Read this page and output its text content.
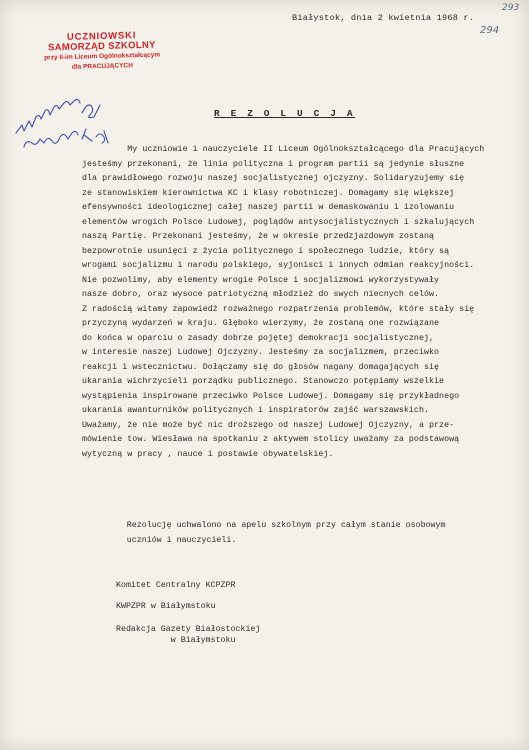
293
294
Białystok, dnia 2 kwietnia 1968 r.
UCZNIOWSKI
SAMORZĄD SZKOLNY
przy II-im Liceum Ogólnokształcącym
dla PRACUJĄCYCH
R E Z O L U C J A
My uczniowie i nauczyciele II Liceum Ogólnokształcącego dla Pracujących
jesteśmy przekonani, że linia polityczna i program partii są jedynie słuszne
dla prawidłowego rozwoju naszej socjalistycznej ojczyzny. Solidaryzujemy się
ze stanowiskiem kierownictwa KC i klasy robotniczej. Domagamy się większej
efensywności ideologicznej całej naszej partii w demaskowaniu i izolowaniu
elementów wrogich Polsce Ludowej, poglądów antysocjalistycznych i szkalujących
naszą Partię. Przekonani jesteśmy, że w okresie przedzjazdowym zostaną
bezpowrotnie usunięci z życia politycznego i społecznego ludzie, który są
wrogami socjalizmu i narodu polskiego, syjonisci i innych odmian reakcyjności.
Nie pozwolimy, aby elementy wrogie Polsce i socjalizmowi wykorzystywały
nasze dobro, oraz wysoce patriotyczną młodzież do swych niecnych celów.
Z radością witamy zapowiedź rozważnego rozpatrzenia problemów, które stały się
przyczyną wydarzeń w kraju. Głęboko wierzymy, że zostaną one rozwiązane
do końca w oparciu o zasady dobrze pojętej demokracji socjalistycznej,
w interesie naszej Ludowej Ojczyzny. Jesteśmy za socjalizmem, przeciwko
reakcji i wstecznictwu. Dołączamy się do głosów nagany domagających się
ukarania wichrzycieli porządku publicznego. Stanowczo potępiamy wszelkie
wystąpienia inspirowane przeciwko Polsce Ludowej. Domagamy się przykładnego
ukarania awanturników politycznych i inspiratorów zajść warszawskich.
Uważamy, że nie może być nic droższego od naszej Ludowej Ojczyzny, a prze-
mówienie tow. Wiesława na spotkaniu z aktywem stolicy uważamy za podstawową
wytyczną w pracy , nauce i postawie obywatelskiej.
Rezolucję uchwalono na apelu szkolnym przy całym stanie osobowym
uczniów i nauczycieli.
Komitet Centralny KCPZPR
KWPZPR w Białymstoku
Redakcja Gazety Białostockiej
w Białymstoku
